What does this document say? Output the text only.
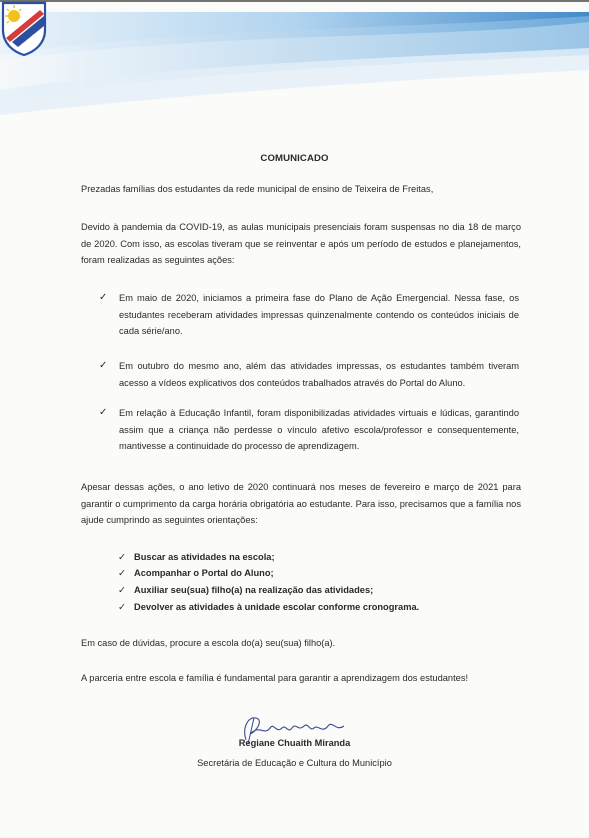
COMUNICADO
Prezadas famílias dos estudantes da rede municipal de ensino de Teixeira de Freitas,
Devido à pandemia da COVID-19, as aulas municipais presenciais foram suspensas no dia 18 de março de 2020. Com isso, as escolas tiveram que se reinventar e após um período de estudos e planejamentos, foram realizadas as seguintes ações:
✓ Em maio de 2020, iniciamos a primeira fase do Plano de Ação Emergencial. Nessa fase, os estudantes receberam atividades impressas quinzenalmente contendo os conteúdos iniciais de cada série/ano.
✓ Em outubro do mesmo ano, além das atividades impressas, os estudantes também tiveram acesso a vídeos explicativos dos conteúdos trabalhados através do Portal do Aluno.
✓ Em relação à Educação Infantil, foram disponibilizadas atividades virtuais e lúdicas, garantindo assim que a criança não perdesse o vínculo afetivo escola/professor e consequentemente, mantivesse a continuidade do processo de aprendizagem.
Apesar dessas ações, o ano letivo de 2020 continuará nos meses de fevereiro e março de 2021 para garantir o cumprimento da carga horária obrigatória ao estudante. Para isso, precisamos que a família nos ajude cumprindo as seguintes orientações:
✓ Buscar as atividades na escola;
✓ Acompanhar o Portal do Aluno;
✓ Auxiliar seu(sua) filho(a) na realização das atividades;
✓ Devolver as atividades à unidade escolar conforme cronograma.
Em caso de dúvidas, procure a escola do(a) seu(sua) filho(a).
A parceria entre escola e família é fundamental para garantir a aprendizagem dos estudantes!
Regiane Chuaith Miranda
Secretária de Educação e Cultura do Município
